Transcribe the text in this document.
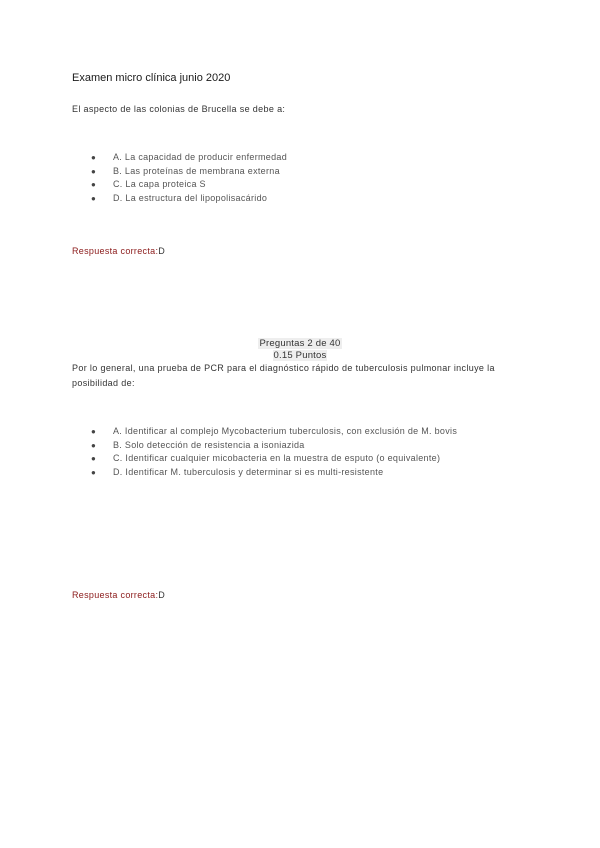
Examen micro clínica junio 2020
El aspecto de las colonias de Brucella se debe a:
● A. La capacidad de producir enfermedad
● B. Las proteínas de membrana externa
● C. La capa proteica S
● D. La estructura del lipopolisacárido
Respuesta correcta:D
Preguntas 2 de 40
0.15 Puntos
Por lo general, una prueba de PCR para el diagnóstico rápido de tuberculosis pulmonar incluye la posibilidad de:
● A. Identificar al complejo Mycobacterium tuberculosis, con exclusión de M. bovis
● B. Solo detección de resistencia a isoniazida
● C. Identificar cualquier micobacteria en la muestra de esputo (o equivalente)
● D. Identificar M. tuberculosis y determinar si es multi-resistente
Respuesta correcta:D
